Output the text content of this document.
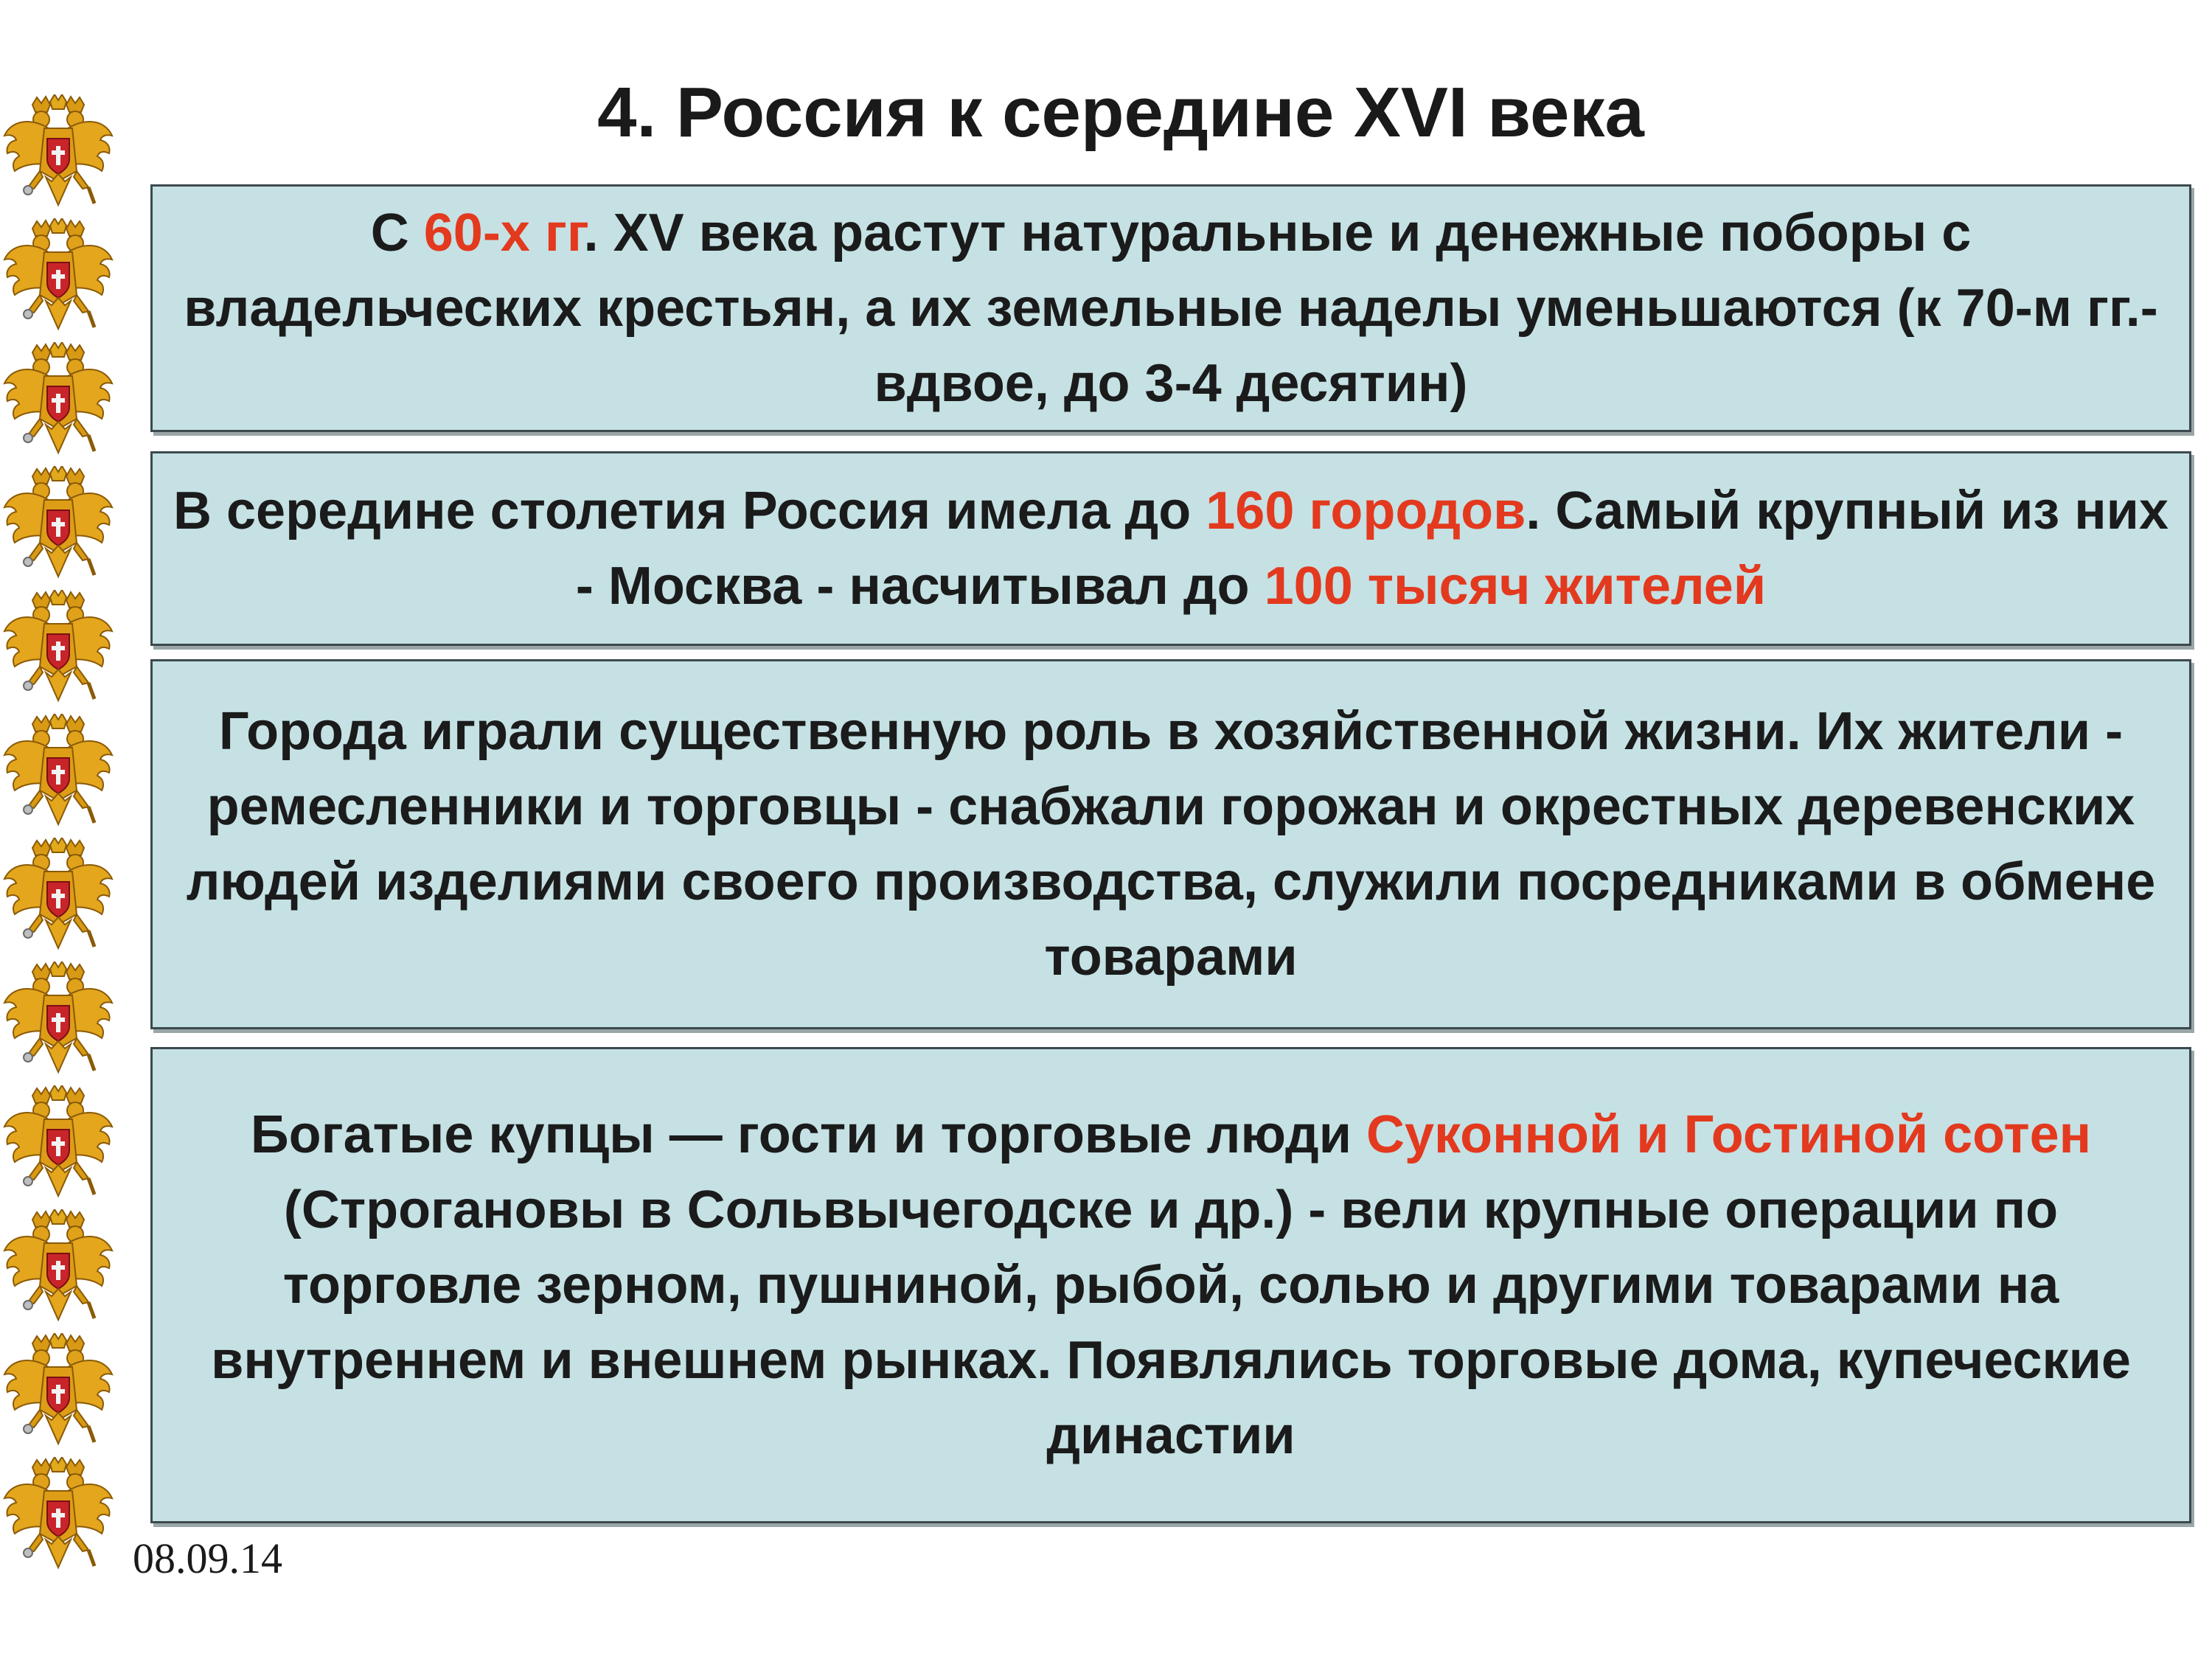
4. Россия к середине XVI века

С 60-х гг. XV века растут натуральные и денежные поборы с владельческих крестьян, а их земельные наделы уменьшаются (к 70-м гг.- вдвое, до 3-4 десятин)

В середине столетия Россия имела до 160 городов. Самый крупный из них - Москва - насчитывал до 100 тысяч жителей

Города играли существенную роль в хозяйственной жизни. Их жители - ремесленники и торговцы - снабжали горожан и окрестных деревенских людей изделиями своего производства, служили посредниками в обмене товарами

Богатые купцы — гости и торговые люди Суконной и Гостиной сотен (Строгановы в Сольвычегодске и др.) - вели крупные операции по торговле зерном, пушниной, рыбой, солью и другими товарами на внутреннем и внешнем рынках. Появлялись торговые дома, купеческие династии

08.09.14
